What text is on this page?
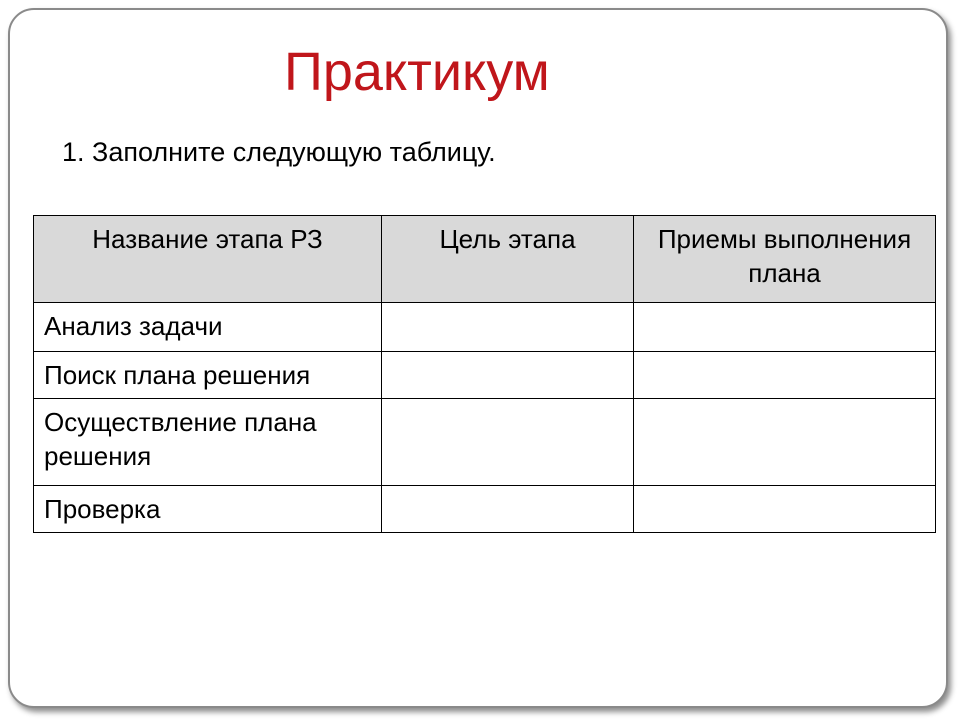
Практикум
1. Заполните следующую таблицу.
Название этапа РЗ	Цель этапа	Приемы выполнения плана
Анализ задачи		
Поиск плана решения		
Осуществление плана решения		
Проверка		
